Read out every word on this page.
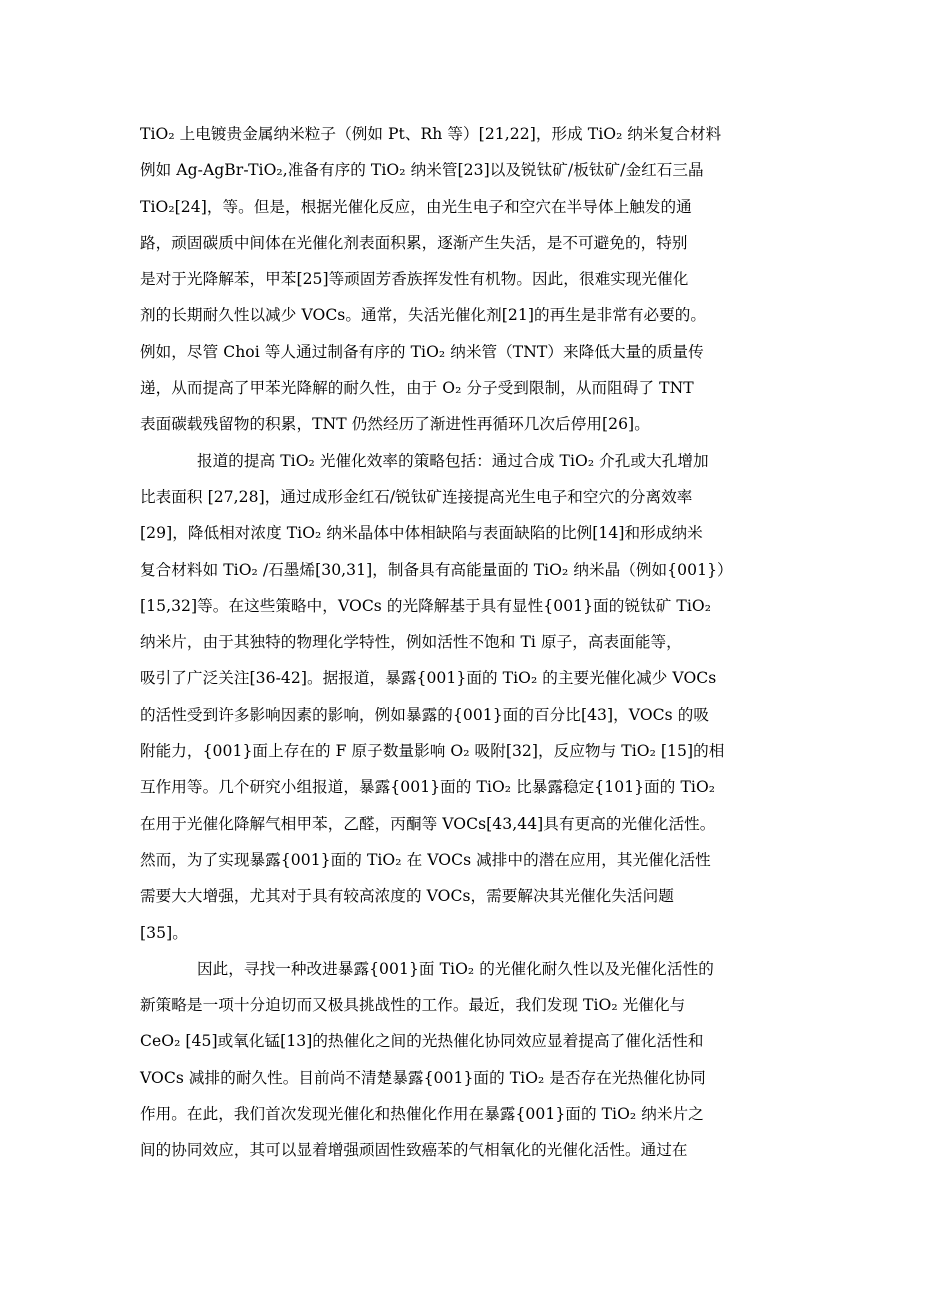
TiO₂ 上电镀贵金属纳米粒子（例如 Pt、Rh 等）[21,22]，形成 TiO₂ 纳米复合材料
例如 Ag-AgBr-TiO₂,准备有序的 TiO₂ 纳米管[23]以及锐钛矿/板钛矿/金红石三晶
TiO₂[24]，等。但是，根据光催化反应，由光生电子和空穴在半导体上触发的通
路，顽固碳质中间体在光催化剂表面积累，逐渐产生失活，是不可避免的，特别
是对于光降解苯，甲苯[25]等顽固芳香族挥发性有机物。因此，很难实现光催化
剂的长期耐久性以减少 VOCs。通常，失活光催化剂[21]的再生是非常有必要的。
例如，尽管 Choi 等人通过制备有序的 TiO₂ 纳米管（TNT）来降低大量的质量传
递，从而提高了甲苯光降解的耐久性，由于 O₂ 分子受到限制，从而阻碍了 TNT
表面碳载残留物的积累，TNT 仍然经历了渐进性再循环几次后停用[26]。
报道的提高 TiO₂ 光催化效率的策略包括：通过合成 TiO₂ 介孔或大孔增加
比表面积 [27,28]，通过成形金红石/锐钛矿连接提高光生电子和空穴的分离效率
[29]，降低相对浓度 TiO₂ 纳米晶体中体相缺陷与表面缺陷的比例[14]和形成纳米
复合材料如 TiO₂ /石墨烯[30,31]，制备具有高能量面的 TiO₂ 纳米晶（例如{001}）
[15,32]等。在这些策略中，VOCs 的光降解基于具有显性{001}面的锐钛矿 TiO₂
纳米片，由于其独特的物理化学特性，例如活性不饱和 Ti 原子，高表面能等，
吸引了广泛关注[36-42]。据报道，暴露{001}面的 TiO₂ 的主要光催化减少 VOCs
的活性受到许多影响因素的影响，例如暴露的{001}面的百分比[43]，VOCs 的吸
附能力，{001}面上存在的 F 原子数量影响 O₂ 吸附[32]，反应物与 TiO₂ [15]的相
互作用等。几个研究小组报道，暴露{001}面的 TiO₂ 比暴露稳定{101}面的 TiO₂
在用于光催化降解气相甲苯，乙醛，丙酮等 VOCs[43,44]具有更高的光催化活性。
然而，为了实现暴露{001}面的 TiO₂ 在 VOCs 减排中的潜在应用，其光催化活性
需要大大增强，尤其对于具有较高浓度的 VOCs，需要解决其光催化失活问题
[35]。
因此，寻找一种改进暴露{001}面 TiO₂ 的光催化耐久性以及光催化活性的
新策略是一项十分迫切而又极具挑战性的工作。最近，我们发现 TiO₂ 光催化与
CeO₂ [45]或氧化锰[13]的热催化之间的光热催化协同效应显着提高了催化活性和
VOCs 减排的耐久性。目前尚不清楚暴露{001}面的 TiO₂ 是否存在光热催化协同
作用。在此，我们首次发现光催化和热催化作用在暴露{001}面的 TiO₂ 纳米片之
间的协同效应，其可以显着增强顽固性致癌苯的气相氧化的光催化活性。通过在
